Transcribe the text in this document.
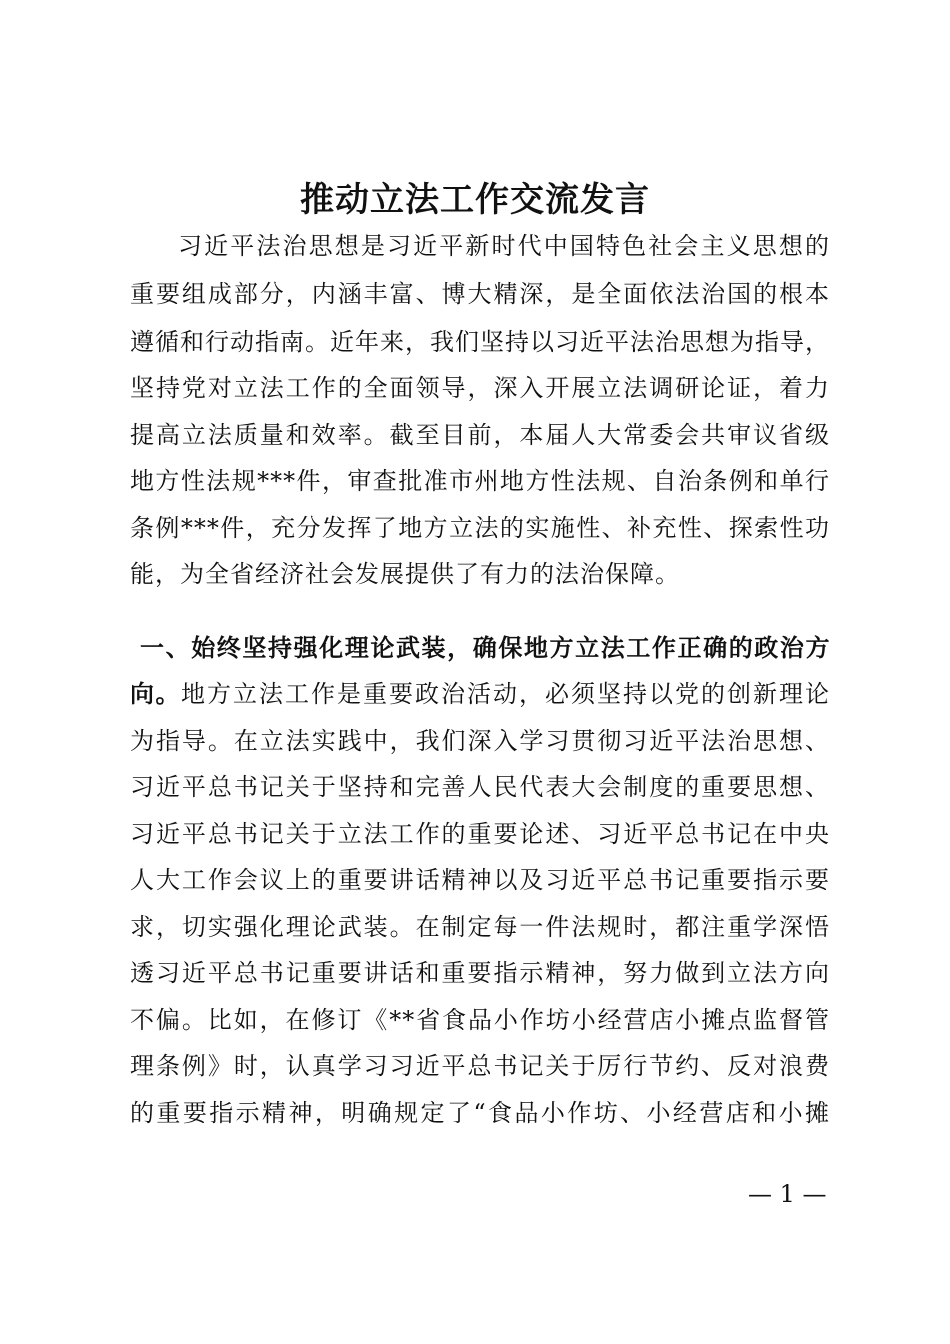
推动立法工作交流发言
习近平法治思想是习近平新时代中国特色社会主义思想的
重要组成部分，内涵丰富、博大精深，是全面依法治国的根本
遵循和行动指南。近年来，我们坚持以习近平法治思想为指导，
坚持党对立法工作的全面领导，深入开展立法调研论证，着力
提高立法质量和效率。截至目前，本届人大常委会共审议省级
地方性法规***件，审查批准市州地方性法规、自治条例和单行
条例***件，充分发挥了地方立法的实施性、补充性、探索性功
能，为全省经济社会发展提供了有力的法治保障。
一、始终坚持强化理论武装，确保地方立法工作正确的政治方
向。地方立法工作是重要政治活动，必须坚持以党的创新理论
为指导。在立法实践中，我们深入学习贯彻习近平法治思想、
习近平总书记关于坚持和完善人民代表大会制度的重要思想、
习近平总书记关于立法工作的重要论述、习近平总书记在中央
人大工作会议上的重要讲话精神以及习近平总书记重要指示要
求，切实强化理论武装。在制定每一件法规时，都注重学深悟
透习近平总书记重要讲话和重要指示精神，努力做到立法方向
不偏。比如，在修订《**省食品小作坊小经营店小摊点监督管
理条例》时，认真学习习近平总书记关于厉行节约、反对浪费
的重要指示精神，明确规定了“食品小作坊、小经营店和小摊
— 1 —
